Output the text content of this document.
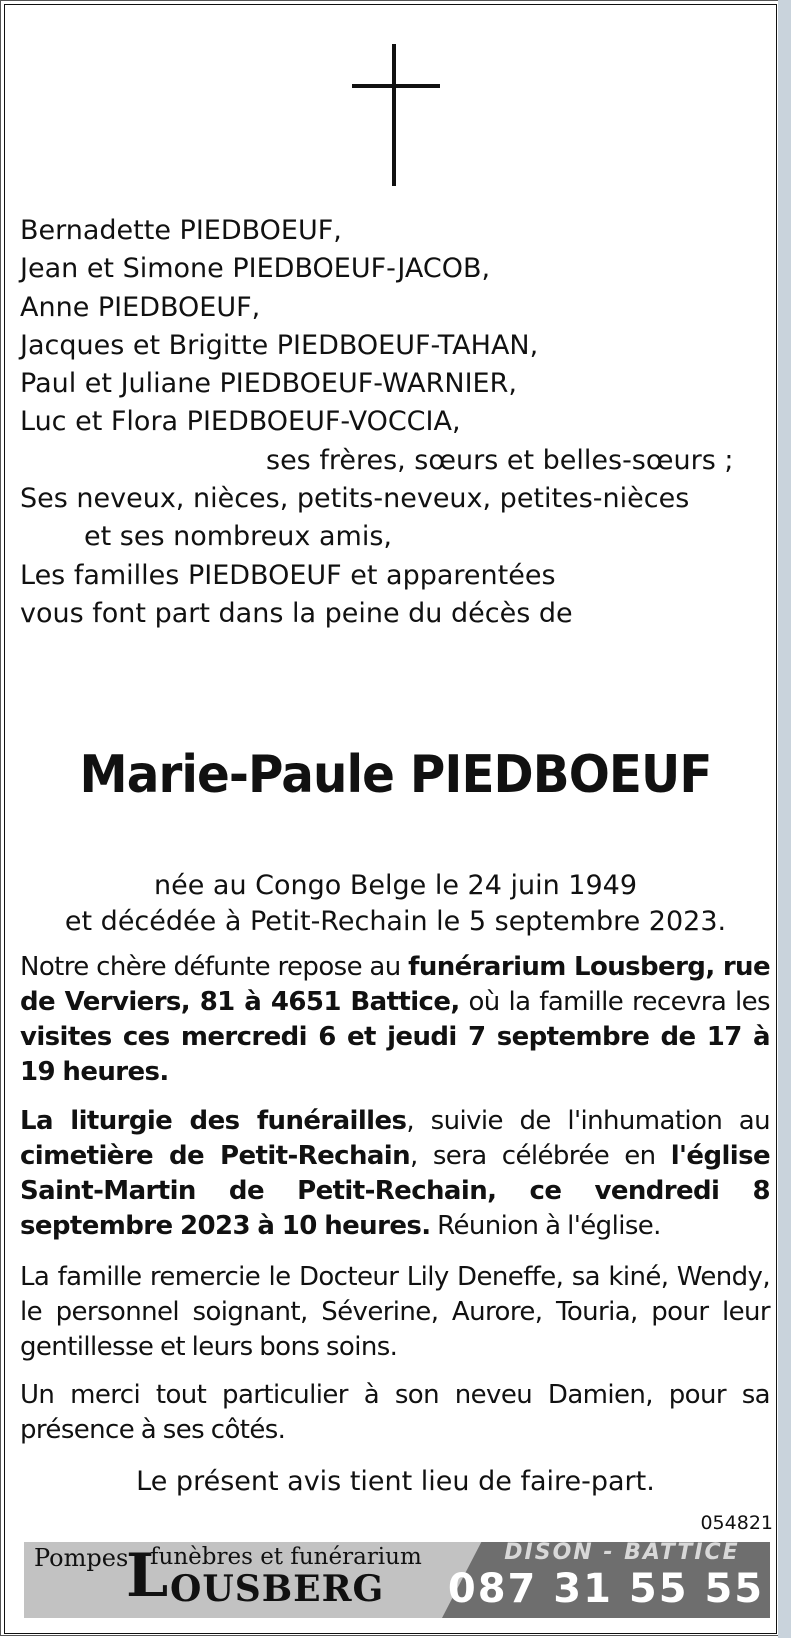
Bernadette PIEDBOEUF,
Jean et Simone PIEDBOEUF-JACOB,
Anne PIEDBOEUF,
Jacques et Brigitte PIEDBOEUF-TAHAN,
Paul et Juliane PIEDBOEUF-WARNIER,
Luc et Flora PIEDBOEUF-VOCCIA,
ses frères, sœurs et belles-sœurs ;
Ses neveux, nièces, petits-neveux, petites-nièces
et ses nombreux amis,
Les familles PIEDBOEUF et apparentées
vous font part dans la peine du décès de
Marie-Paule PIEDBOEUF
née au Congo Belge le 24 juin 1949
et décédée à Petit-Rechain le 5 septembre 2023.
Notre chère défunte repose au funérarium Lousberg, rue de Verviers, 81 à 4651 Battice, où la famille recevra les visites ces mercredi 6 et jeudi 7 septembre de 17 à 19 heures.
La liturgie des funérailles, suivie de l'inhumation au cimetière de Petit-Rechain, sera célébrée en l'église Saint-Martin de Petit-Rechain, ce vendredi 8 septembre 2023 à 10 heures. Réunion à l'église.
La famille remercie le Docteur Lily Deneffe, sa kiné, Wendy, le personnel soignant, Séverine, Aurore, Touria, pour leur gentillesse et leurs bons soins.
Un merci tout particulier à son neveu Damien, pour sa présence à ses côtés.
Le présent avis tient lieu de faire-part.
054821
Pompes funèbres et funérarium
L OUSBERG
DISON - BATTICE
087 31 55 55
